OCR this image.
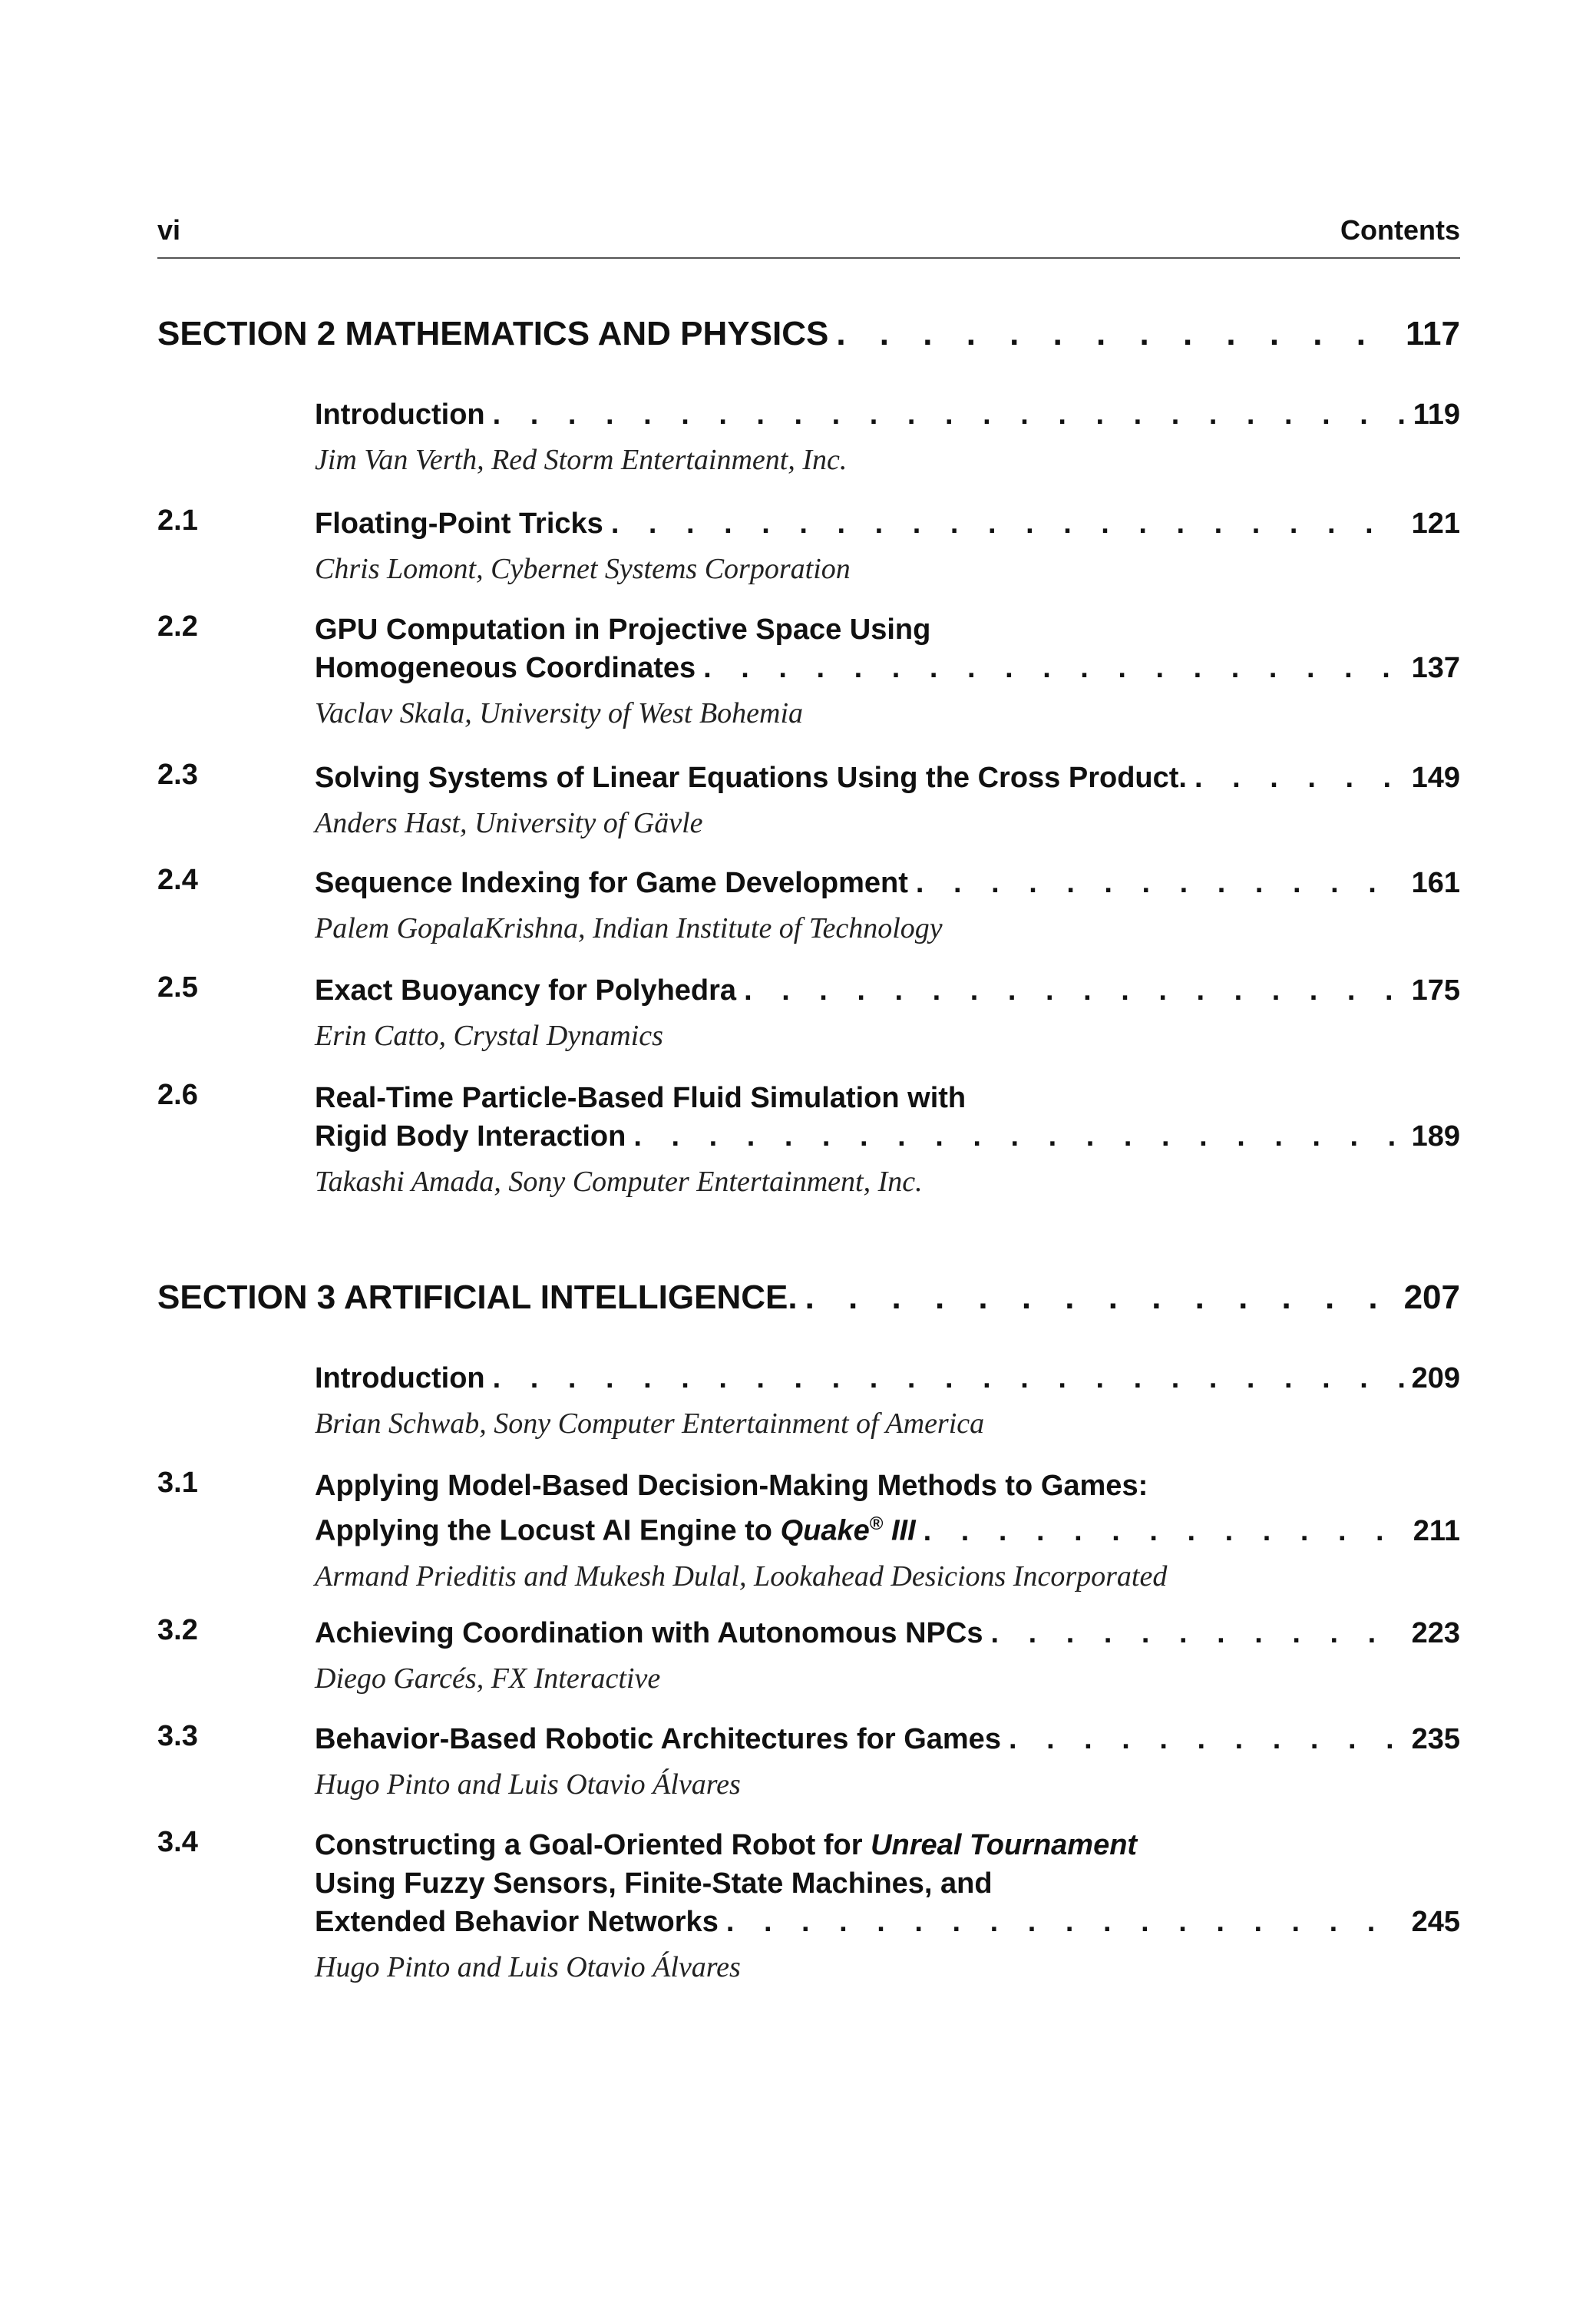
vi	Contents
SECTION 2 MATHEMATICS AND PHYSICS . . .	117
Introduction . . .	119
Jim Van Verth, Red Storm Entertainment, Inc.
2.1	Floating-Point Tricks . . .	121
Chris Lomont, Cybernet Systems Corporation
2.2	GPU Computation in Projective Space Using
Homogeneous Coordinates . . .	137
Vaclav Skala, University of West Bohemia
2.3	Solving Systems of Linear Equations Using the Cross Product. . . .	149
Anders Hast, University of Gävle
2.4	Sequence Indexing for Game Development . . .	161
Palem GopalaKrishna, Indian Institute of Technology
2.5	Exact Buoyancy for Polyhedra . . .	175
Erin Catto, Crystal Dynamics
2.6	Real-Time Particle-Based Fluid Simulation with
Rigid Body Interaction . . .	189
Takashi Amada, Sony Computer Entertainment, Inc.
SECTION 3 ARTIFICIAL INTELLIGENCE. . . .	207
Introduction . . .	209
Brian Schwab, Sony Computer Entertainment of America
3.1	Applying Model-Based Decision-Making Methods to Games:
Applying the Locust AI Engine to Quake® III . . .	211
Armand Prieditis and Mukesh Dulal, Lookahead Desicions Incorporated
3.2	Achieving Coordination with Autonomous NPCs . . .	223
Diego Garcés, FX Interactive
3.3	Behavior-Based Robotic Architectures for Games . . .	235
Hugo Pinto and Luis Otavio Álvares
3.4	Constructing a Goal-Oriented Robot for Unreal Tournament
Using Fuzzy Sensors, Finite-State Machines, and
Extended Behavior Networks . . .	245
Hugo Pinto and Luis Otavio Álvares
